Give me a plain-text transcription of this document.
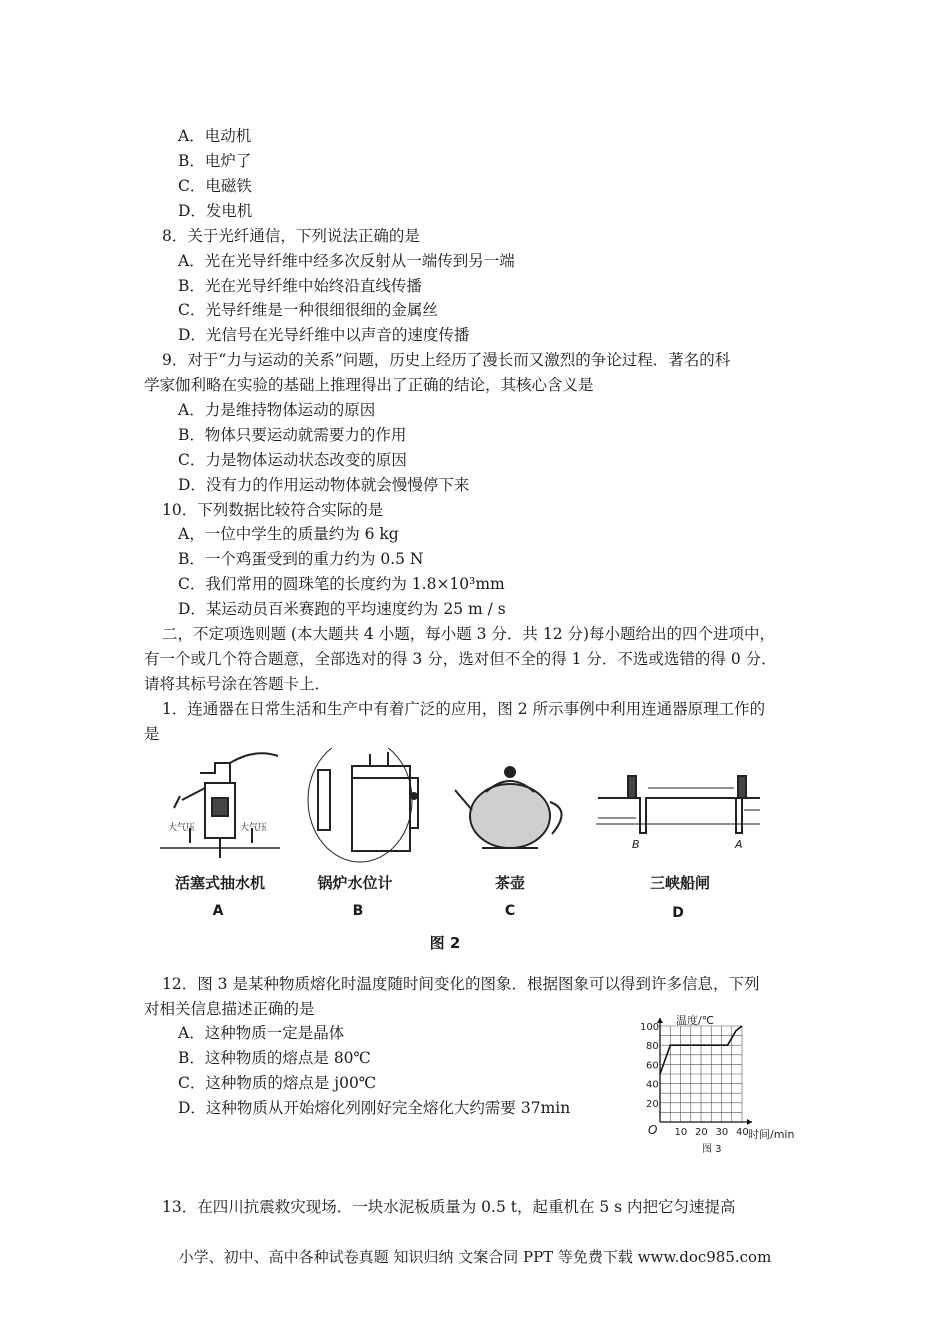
A．电动机
B．电炉了
C．电磁铁
D．发电机
8．关于光纤通信，下列说法正确的是
A．光在光导纤维中经多次反射从一端传到另一端
B．光在光导纤维中始终沿直线传播
C．光导纤维是一种很细很细的金属丝
D．光信号在光导纤维中以声音的速度传播
9．对于“力与运动的关系”问题，历史上经历了漫长而又激烈的争论过程．著名的科
学家伽利略在实验的基础上推理得出了正确的结论，其核心含义是
A．力是维持物体运动的原因
B．物体只要运动就需要力的作用
C．力是物体运动状态改变的原因
D．没有力的作用运动物体就会慢慢停下来
10．下列数据比较符合实际的是
A，一位中学生的质量约为 6 kg
B．一个鸡蛋受到的重力约为 0.5 N
C．我们常用的圆珠笔的长度约为 1.8×10³mm
D．某运动员百米赛跑的平均速度约为 25 m / s
二，不定项选则题 (本大题共 4 小题，每小题 3 分．共 12 分)每小题给出的四个进项中，
有一个或几个符合题意，全部选对的得 3 分，选对但不全的得 1 分．不选或选错的得 0 分．
请将其标号涂在答题卡上．
1．连通器在日常生活和生产中有着广泛的应用，图 2 所示事例中利用连通器原理工作的
是
大气压	大气压
B	A
活塞式抽水机	锅炉水位计	茶壶	三峡船闸
A	B	C	D
图 2
12．图 3 是某种物质熔化时温度随时间变化的图象．根据图象可以得到许多信息，下列
对相关信息描述正确的是
A．这种物质一定是晶体
B．这种物质的熔点是 80℃
C．这种物质的熔点是 j00℃
D．这种物质从开始熔化列刚好完全熔化大约需要 37min
10 20 30 40
20
40
60
80
100
温度/℃
时间/min
O
图 3
13．在四川抗震救灾现场．一块水泥板质量为 0.5 t，起重机在 5 s 内把它匀速提高
小学、初中、高中各种试卷真题 知识归纳 文案合同 PPT 等免费下载 www.doc985.com
